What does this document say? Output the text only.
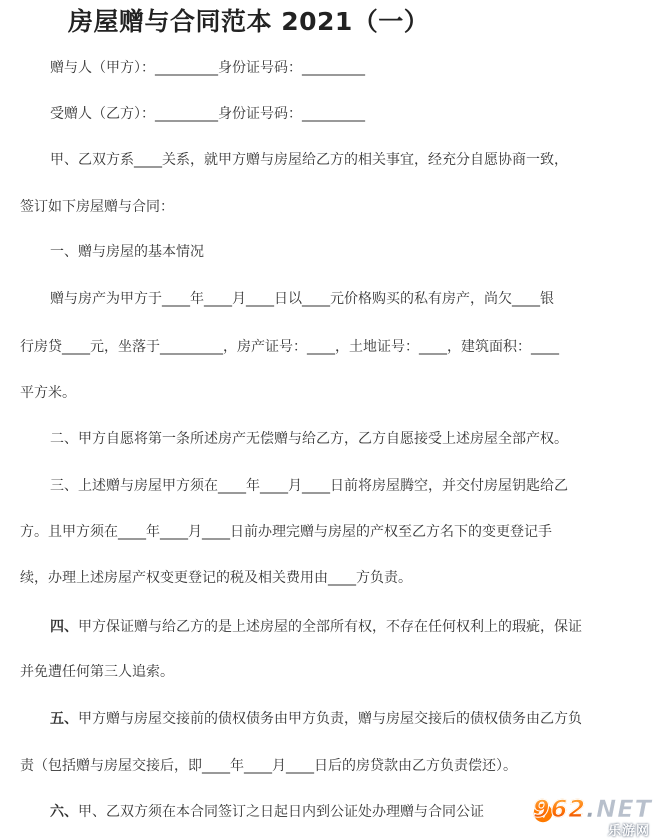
房屋赠与合同范本 2021（一）
赠与人（甲方）：_________身份证号码：_________
受赠人（乙方）：_________身份证号码：_________
甲、乙双方系____关系，就甲方赠与房屋给乙方的相关事宜，经充分自愿协商一致，
签订如下房屋赠与合同：
一、赠与房屋的基本情况
赠与房产为甲方于____年____月____日以____元价格购买的私有房产，尚欠____银
行房贷____元，坐落于_________，房产证号：____，土地证号：____，建筑面积：____
平方米。
二、甲方自愿将第一条所述房产无偿赠与给乙方，乙方自愿接受上述房屋全部产权。
三、上述赠与房屋甲方须在____年____月____日前将房屋腾空，并交付房屋钥匙给乙
方。且甲方须在____年____月____日前办理完赠与房屋的产权至乙方名下的变更登记手
续，办理上述房屋产权变更登记的税及相关费用由____方负责。
四、甲方保证赠与给乙方的是上述房屋的全部所有权，不存在任何权利上的瑕疵，保证
并免遭任何第三人追索。
五、甲方赠与房屋交接前的债权债务由甲方负责，赠与房屋交接后的债权债务由乙方负
责（包括赠与房屋交接后，即____年____月____日后的房贷款由乙方负责偿还）。
六、甲、乙双方须在本合同签订之日起日内到公证处办理赠与合同公证 962.NET
乐游网
